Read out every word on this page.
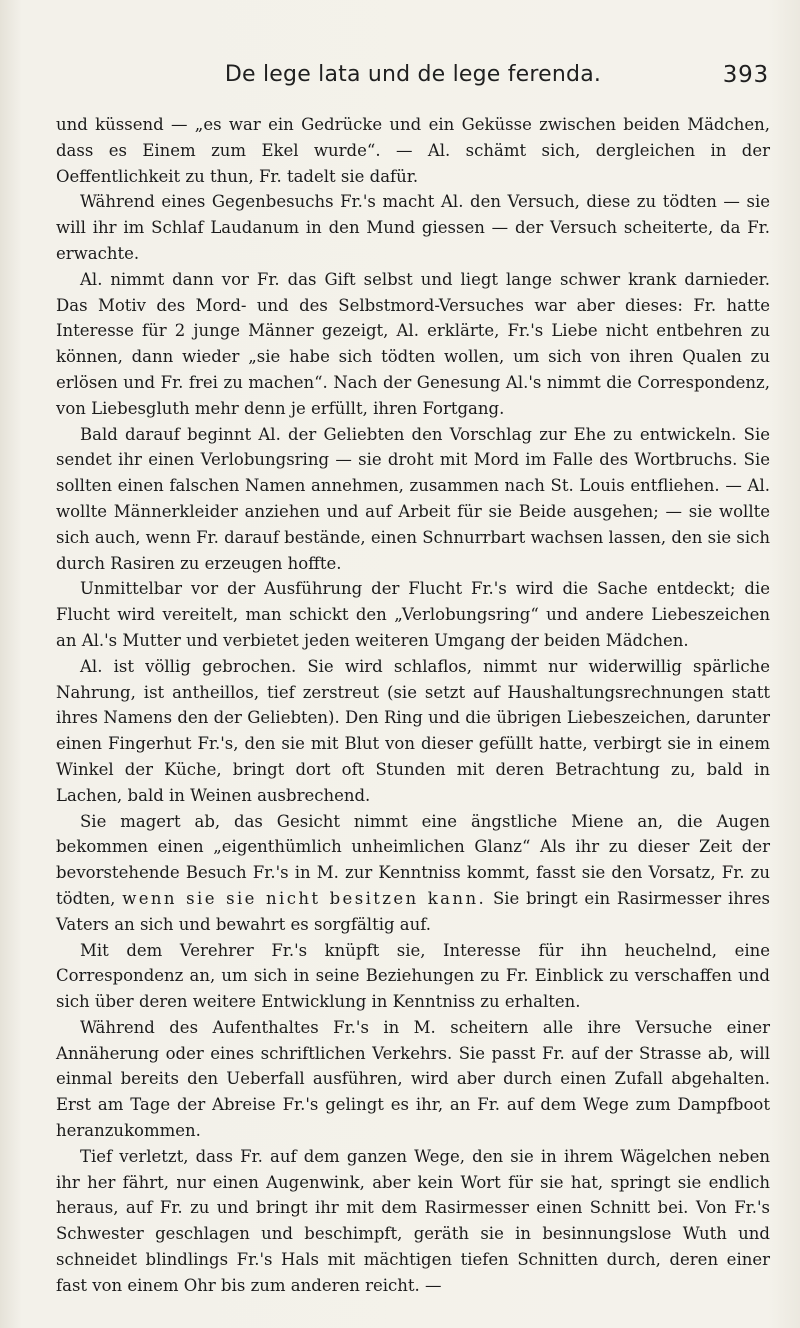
De lege lata und de lege ferenda.	393

und küssend — „es war ein Gedrücke und ein Geküsse zwischen beiden Mädchen, dass es Einem zum Ekel wurde“. — Al. schämt sich, dergleichen in der Oeffentlichkeit zu thun, Fr. tadelt sie dafür.

Während eines Gegenbesuchs Fr.'s macht Al. den Versuch, diese zu tödten — sie will ihr im Schlaf Laudanum in den Mund giessen — der Versuch scheiterte, da Fr. erwachte.

Al. nimmt dann vor Fr. das Gift selbst und liegt lange schwer krank darnieder. Das Motiv des Mord- und des Selbstmord-Versuches war aber dieses: Fr. hatte Interesse für 2 junge Männer gezeigt, Al. erklärte, Fr.'s Liebe nicht entbehren zu können, dann wieder „sie habe sich tödten wollen, um sich von ihren Qualen zu erlösen und Fr. frei zu machen“. Nach der Genesung Al.'s nimmt die Correspondenz, von Liebesgluth mehr denn je erfüllt, ihren Fortgang.

Bald darauf beginnt Al. der Geliebten den Vorschlag zur Ehe zu entwickeln. Sie sendet ihr einen Verlobungsring — sie droht mit Mord im Falle des Wortbruchs. Sie sollten einen falschen Namen annehmen, zusammen nach St. Louis entfliehen. — Al. wollte Männerkleider anziehen und auf Arbeit für sie Beide ausgehen; — sie wollte sich auch, wenn Fr. darauf bestände, einen Schnurrbart wachsen lassen, den sie sich durch Rasiren zu erzeugen hoffte.

Unmittelbar vor der Ausführung der Flucht Fr.'s wird die Sache entdeckt; die Flucht wird vereitelt, man schickt den „Verlobungsring“ und andere Liebeszeichen an Al.'s Mutter und verbietet jeden weiteren Umgang der beiden Mädchen.

Al. ist völlig gebrochen. Sie wird schlaflos, nimmt nur widerwillig spärliche Nahrung, ist antheillos, tief zerstreut (sie setzt auf Haushaltungsrechnungen statt ihres Namens den der Geliebten). Den Ring und die übrigen Liebeszeichen, darunter einen Fingerhut Fr.'s, den sie mit Blut von dieser gefüllt hatte, verbirgt sie in einem Winkel der Küche, bringt dort oft Stunden mit deren Betrachtung zu, bald in Lachen, bald in Weinen ausbrechend.

Sie magert ab, das Gesicht nimmt eine ängstliche Miene an, die Augen bekommen einen „eigenthümlich unheimlichen Glanz“ Als ihr zu dieser Zeit der bevorstehende Besuch Fr.'s in M. zur Kenntniss kommt, fasst sie den Vorsatz, Fr. zu tödten, wenn sie sie nicht besitzen kann. Sie bringt ein Rasirmesser ihres Vaters an sich und bewahrt es sorgfältig auf.

Mit dem Verehrer Fr.'s knüpft sie, Interesse für ihn heuchelnd, eine Correspondenz an, um sich in seine Beziehungen zu Fr. Einblick zu verschaffen und sich über deren weitere Entwicklung in Kenntniss zu erhalten.

Während des Aufenthaltes Fr.'s in M. scheitern alle ihre Versuche einer Annäherung oder eines schriftlichen Verkehrs. Sie passt Fr. auf der Strasse ab, will einmal bereits den Ueberfall ausführen, wird aber durch einen Zufall abgehalten. Erst am Tage der Abreise Fr.'s gelingt es ihr, an Fr. auf dem Wege zum Dampfboot heranzukommen.

Tief verletzt, dass Fr. auf dem ganzen Wege, den sie in ihrem Wägelchen neben ihr her fährt, nur einen Augenwink, aber kein Wort für sie hat, springt sie endlich heraus, auf Fr. zu und bringt ihr mit dem Rasirmesser einen Schnitt bei. Von Fr.'s Schwester geschlagen und beschimpft, geräth sie in besinnungslose Wuth und schneidet blindlings Fr.'s Hals mit mächtigen tiefen Schnitten durch, deren einer fast von einem Ohr bis zum anderen reicht. —
